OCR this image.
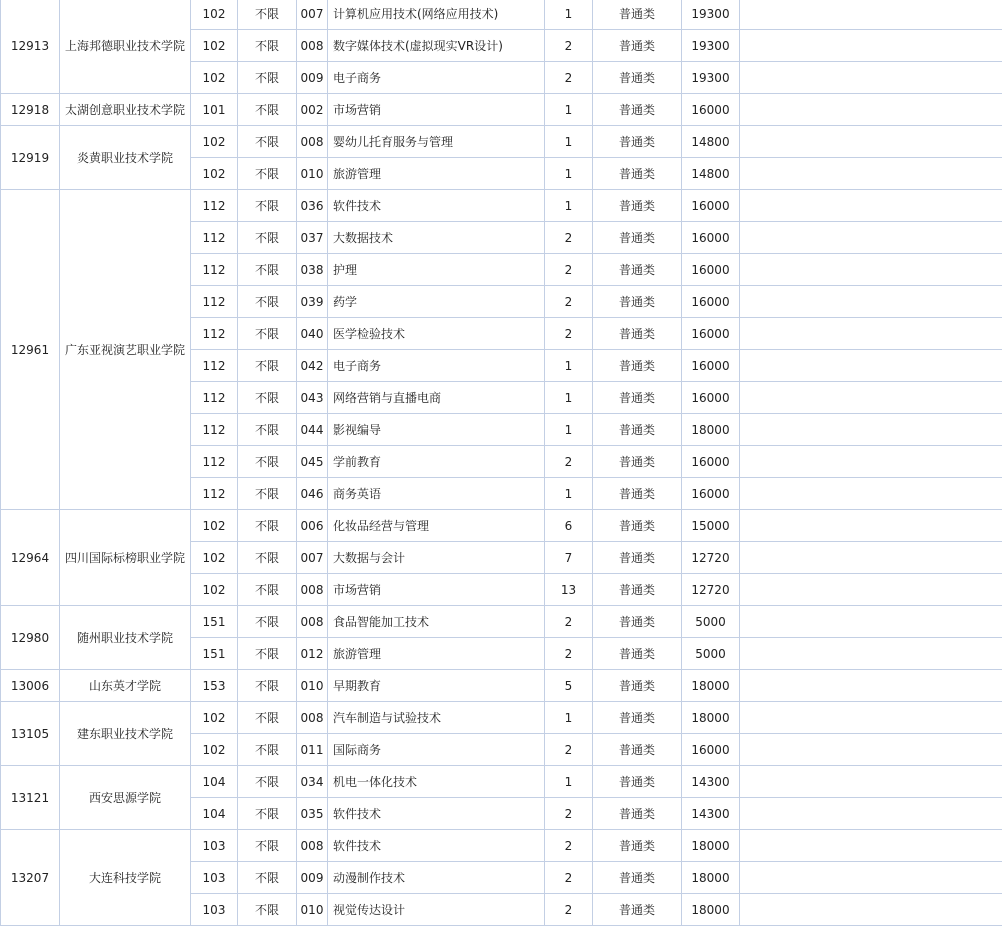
12913	上海邦德职业技术学院	102	不限	007	计算机应用技术(网络应用技术)	1	普通类	19300	
		102	不限	008	数字媒体技术(虚拟现实VR设计)	2	普通类	19300	
		102	不限	009	电子商务	2	普通类	19300	
12918	太湖创意职业技术学院	101	不限	002	市场营销	1	普通类	16000	
12919	炎黄职业技术学院	102	不限	008	婴幼儿托育服务与管理	1	普通类	14800	
		102	不限	010	旅游管理	1	普通类	14800	
12961	广东亚视演艺职业学院	112	不限	036	软件技术	1	普通类	16000	
		112	不限	037	大数据技术	2	普通类	16000	
		112	不限	038	护理	2	普通类	16000	
		112	不限	039	药学	2	普通类	16000	
		112	不限	040	医学检验技术	2	普通类	16000	
		112	不限	042	电子商务	1	普通类	16000	
		112	不限	043	网络营销与直播电商	1	普通类	16000	
		112	不限	044	影视编导	1	普通类	18000	
		112	不限	045	学前教育	2	普通类	16000	
		112	不限	046	商务英语	1	普通类	16000	
12964	四川国际标榜职业学院	102	不限	006	化妆品经营与管理	6	普通类	15000	
		102	不限	007	大数据与会计	7	普通类	12720	
		102	不限	008	市场营销	13	普通类	12720	
12980	随州职业技术学院	151	不限	008	食品智能加工技术	2	普通类	5000	
		151	不限	012	旅游管理	2	普通类	5000	
13006	山东英才学院	153	不限	010	早期教育	5	普通类	18000	
13105	建东职业技术学院	102	不限	008	汽车制造与试验技术	1	普通类	18000	
		102	不限	011	国际商务	2	普通类	16000	
13121	西安思源学院	104	不限	034	机电一体化技术	1	普通类	14300	
		104	不限	035	软件技术	2	普通类	14300	
13207	大连科技学院	103	不限	008	软件技术	2	普通类	18000	
		103	不限	009	动漫制作技术	2	普通类	18000	
		103	不限	010	视觉传达设计	2	普通类	18000	
